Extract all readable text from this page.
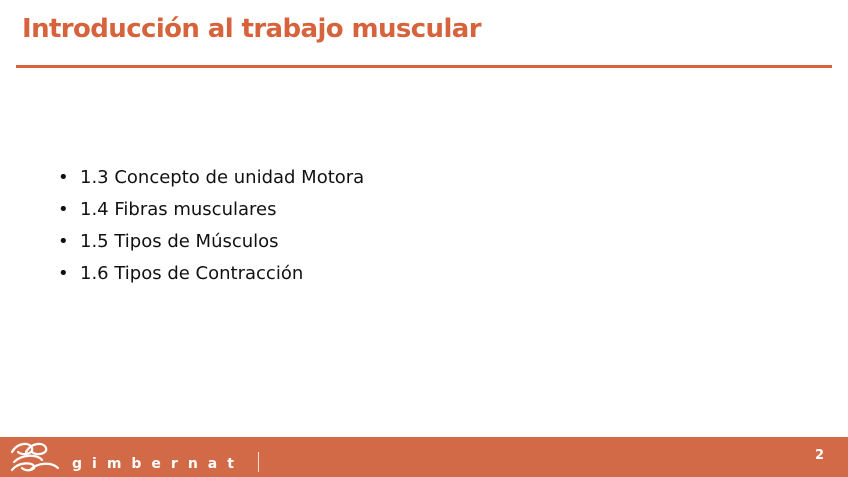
Introducción al trabajo muscular
• 1.3 Concepto de unidad Motora
• 1.4 Fibras musculares
• 1.5 Tipos de Músculos
• 1.6 Tipos de Contracción
gimbernat
2
